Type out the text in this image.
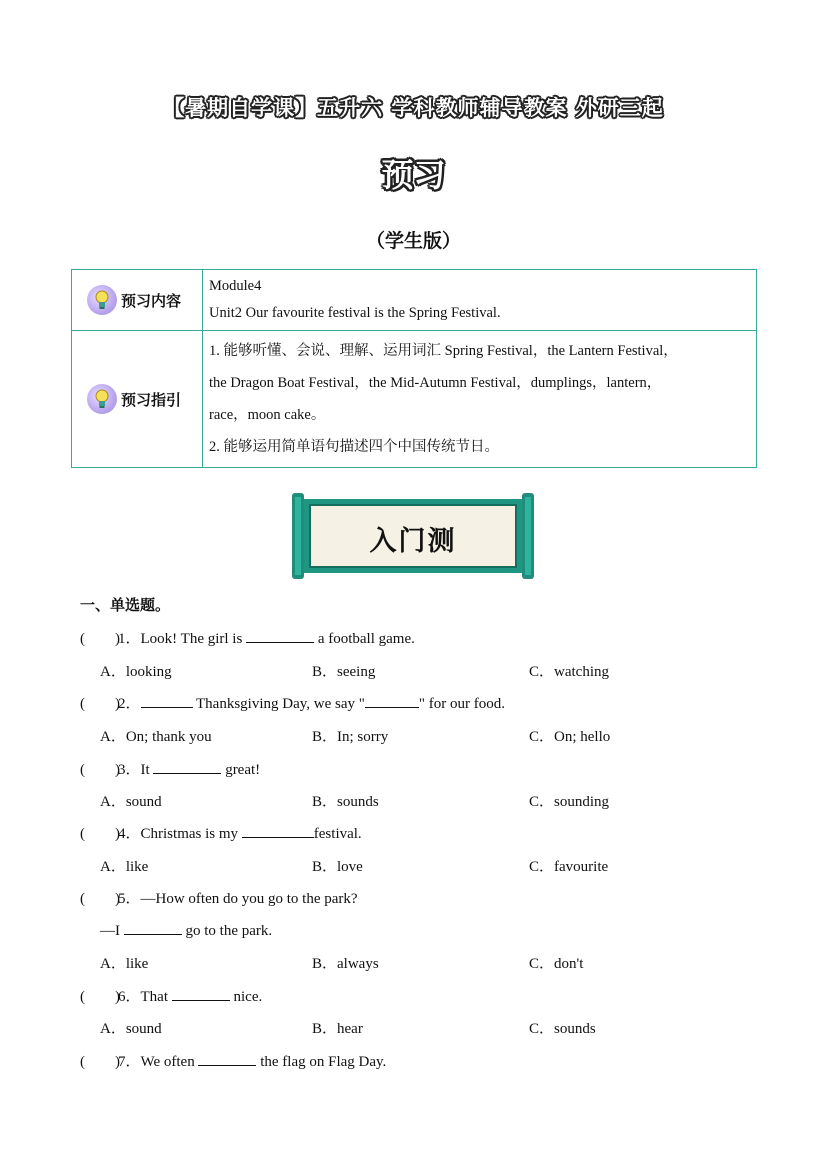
【暑期自学课】五升六 学科教师辅导教案 外研三起
预习
（学生版）
预习内容	Module4
Unit2 Our favourite festival is the Spring Festival.

预习指引	1. 能够听懂、会说、理解、运用词汇 Spring Festival，the Lantern Festival，
the Dragon Boat Festival，the Mid-Autumn Festival，dumplings，lantern，
race，moon cake。
2. 能够运用简单语句描述四个中国传统节日。
入门测
一、单选题。
(　　)1．Look! The girl is	a football game.
A．looking	B．seeing	C．watching
(　　)2．	Thanksgiving Day, we say "	" for our food.
A．On; thank you	B．In; sorry	C．On; hello
(　　)3．It	great!
A．sound	B．sounds	C．sounding
(　　)4．Christmas is my	festival.
A．like	B．love	C．favourite
(　　)5．—How often do you go to the park?
—I	go to the park.
A．like	B．always	C．don't
(　　)6．That	nice.
A．sound	B．hear	C．sounds
(　　)7．We often	the flag on Flag Day.
